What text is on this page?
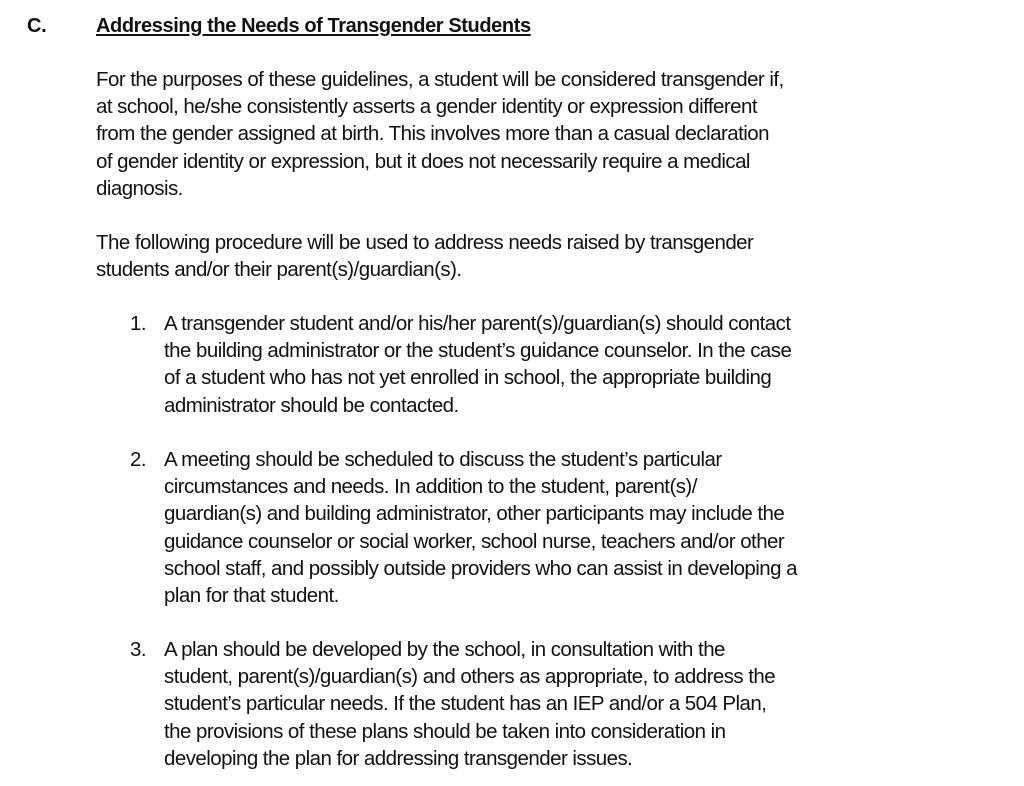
C. Addressing the Needs of Transgender Students
For the purposes of these guidelines, a student will be considered transgender if,
at school, he/she consistently asserts a gender identity or expression different
from the gender assigned at birth. This involves more than a casual declaration
of gender identity or expression, but it does not necessarily require a medical
diagnosis.
The following procedure will be used to address needs raised by transgender
students and/or their parent(s)/guardian(s).
1. A transgender student and/or his/her parent(s)/guardian(s) should contact
the building administrator or the student’s guidance counselor. In the case
of a student who has not yet enrolled in school, the appropriate building
administrator should be contacted.
2. A meeting should be scheduled to discuss the student’s particular
circumstances and needs. In addition to the student, parent(s)/
guardian(s) and building administrator, other participants may include the
guidance counselor or social worker, school nurse, teachers and/or other
school staff, and possibly outside providers who can assist in developing a
plan for that student.
3. A plan should be developed by the school, in consultation with the
student, parent(s)/guardian(s) and others as appropriate, to address the
student’s particular needs. If the student has an IEP and/or a 504 Plan,
the provisions of these plans should be taken into consideration in
developing the plan for addressing transgender issues.
